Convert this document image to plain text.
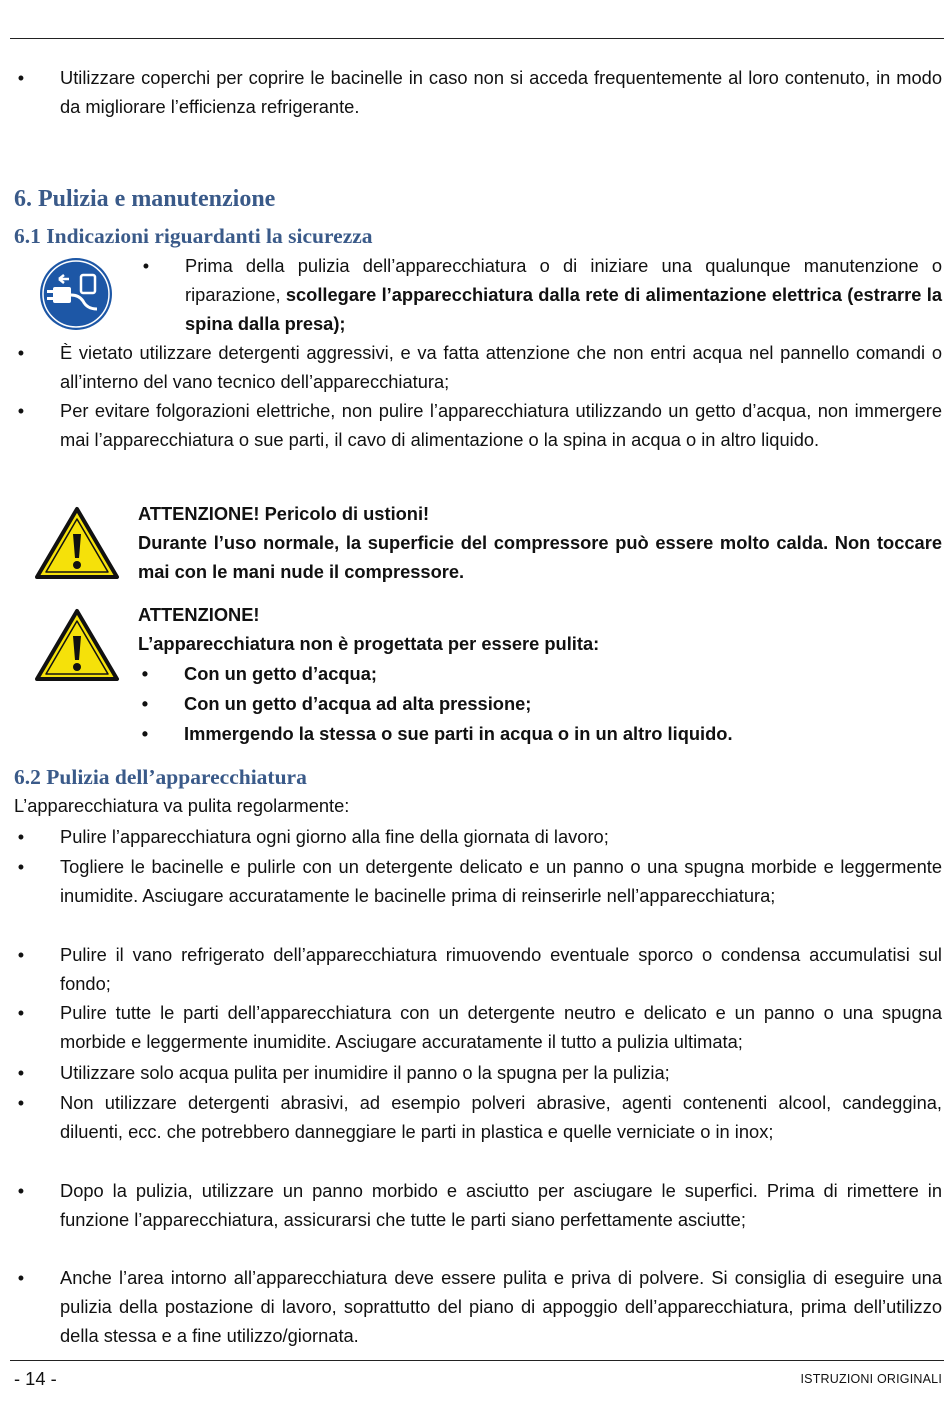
• Utilizzare coperchi per coprire le bacinelle in caso non si acceda frequentemente al loro contenuto, in modo da migliorare l’efficienza refrigerante.
6. Pulizia e manutenzione
6.1 Indicazioni riguardanti la sicurezza
• Prima della pulizia dell’apparecchiatura o di iniziare una qualunque manutenzione o riparazione, scollegare l’apparecchiatura dalla rete di alimentazione elettrica (estrarre la spina dalla presa);
• È vietato utilizzare detergenti aggressivi, e va fatta attenzione che non entri acqua nel pannello comandi o all’interno del vano tecnico dell’apparecchiatura;
• Per evitare folgorazioni elettriche, non pulire l’apparecchiatura utilizzando un getto d’acqua, non immergere mai l’apparecchiatura o sue parti, il cavo di alimentazione o la spina in acqua o in altro liquido.
ATTENZIONE! Pericolo di ustioni!
Durante l’uso normale, la superficie del compressore può essere molto calda. Non toccare mai con le mani nude il compressore.
ATTENZIONE!
L’apparecchiatura non è progettata per essere pulita:
• Con un getto d’acqua;
• Con un getto d’acqua ad alta pressione;
• Immergendo la stessa o sue parti in acqua o in un altro liquido.
6.2 Pulizia dell’apparecchiatura
L’apparecchiatura va pulita regolarmente:
• Pulire l’apparecchiatura ogni giorno alla fine della giornata di lavoro;
• Togliere le bacinelle e pulirle con un detergente delicato e un panno o una spugna morbide e leggermente inumidite. Asciugare accuratamente le bacinelle prima di reinserirle nell’apparecchiatura;
• Pulire il vano refrigerato dell’apparecchiatura rimuovendo eventuale sporco o condensa accumulatisi sul fondo;
• Pulire tutte le parti dell’apparecchiatura con un detergente neutro e delicato e un panno o una spugna morbide e leggermente inumidite. Asciugare accuratamente il tutto a pulizia ultimata;
• Utilizzare solo acqua pulita per inumidire il panno o la spugna per la pulizia;
• Non utilizzare detergenti abrasivi, ad esempio polveri abrasive, agenti contenenti alcool, candeggina, diluenti, ecc. che potrebbero danneggiare le parti in plastica e quelle verniciate o in inox;
• Dopo la pulizia, utilizzare un panno morbido e asciutto per asciugare le superfici. Prima di rimettere in funzione l’apparecchiatura, assicurarsi che tutte le parti siano perfettamente asciutte;
• Anche l’area intorno all’apparecchiatura deve essere pulita e priva di polvere. Si consiglia di eseguire una pulizia della postazione di lavoro, soprattutto del piano di appoggio dell’apparecchiatura, prima dell’utilizzo della stessa e a fine utilizzo/giornata.
- 14 -	ISTRUZIONI ORIGINALI
